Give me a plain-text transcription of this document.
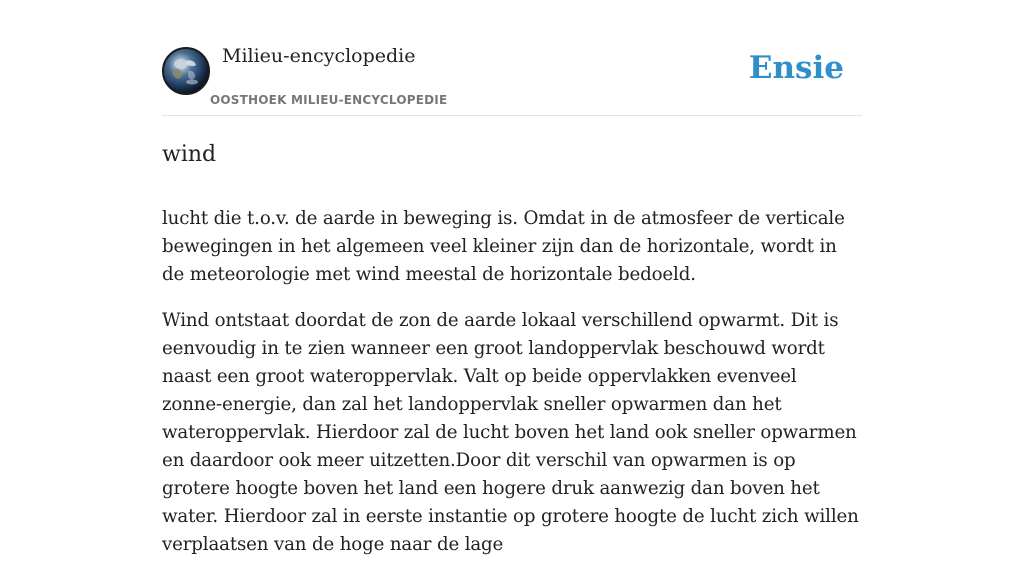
Milieu-encyclopedie
OOSTHOEK MILIEU-ENCYCLOPEDIE
Ensie
wind

lucht die t.o.v. de aarde in beweging is. Omdat in de atmosfeer de verticale bewegingen in het algemeen veel kleiner zijn dan de horizontale, wordt in de meteorologie met wind meestal de horizontale bedoeld.

Wind ontstaat doordat de zon de aarde lokaal verschillend opwarmt. Dit is eenvoudig in te zien wanneer een groot landoppervlak beschouwd wordt naast een groot wateroppervlak. Valt op beide oppervlakken evenveel zonne-energie, dan zal het landoppervlak sneller opwarmen dan het wateroppervlak. Hierdoor zal de lucht boven het land ook sneller opwarmen en daardoor ook meer uitzetten.Door dit verschil van opwarmen is op grotere hoogte boven het land een hogere druk aanwezig dan boven het water. Hierdoor zal in eerste instantie op grotere hoogte de lucht zich willen verplaatsen van de hoge naar de lage
